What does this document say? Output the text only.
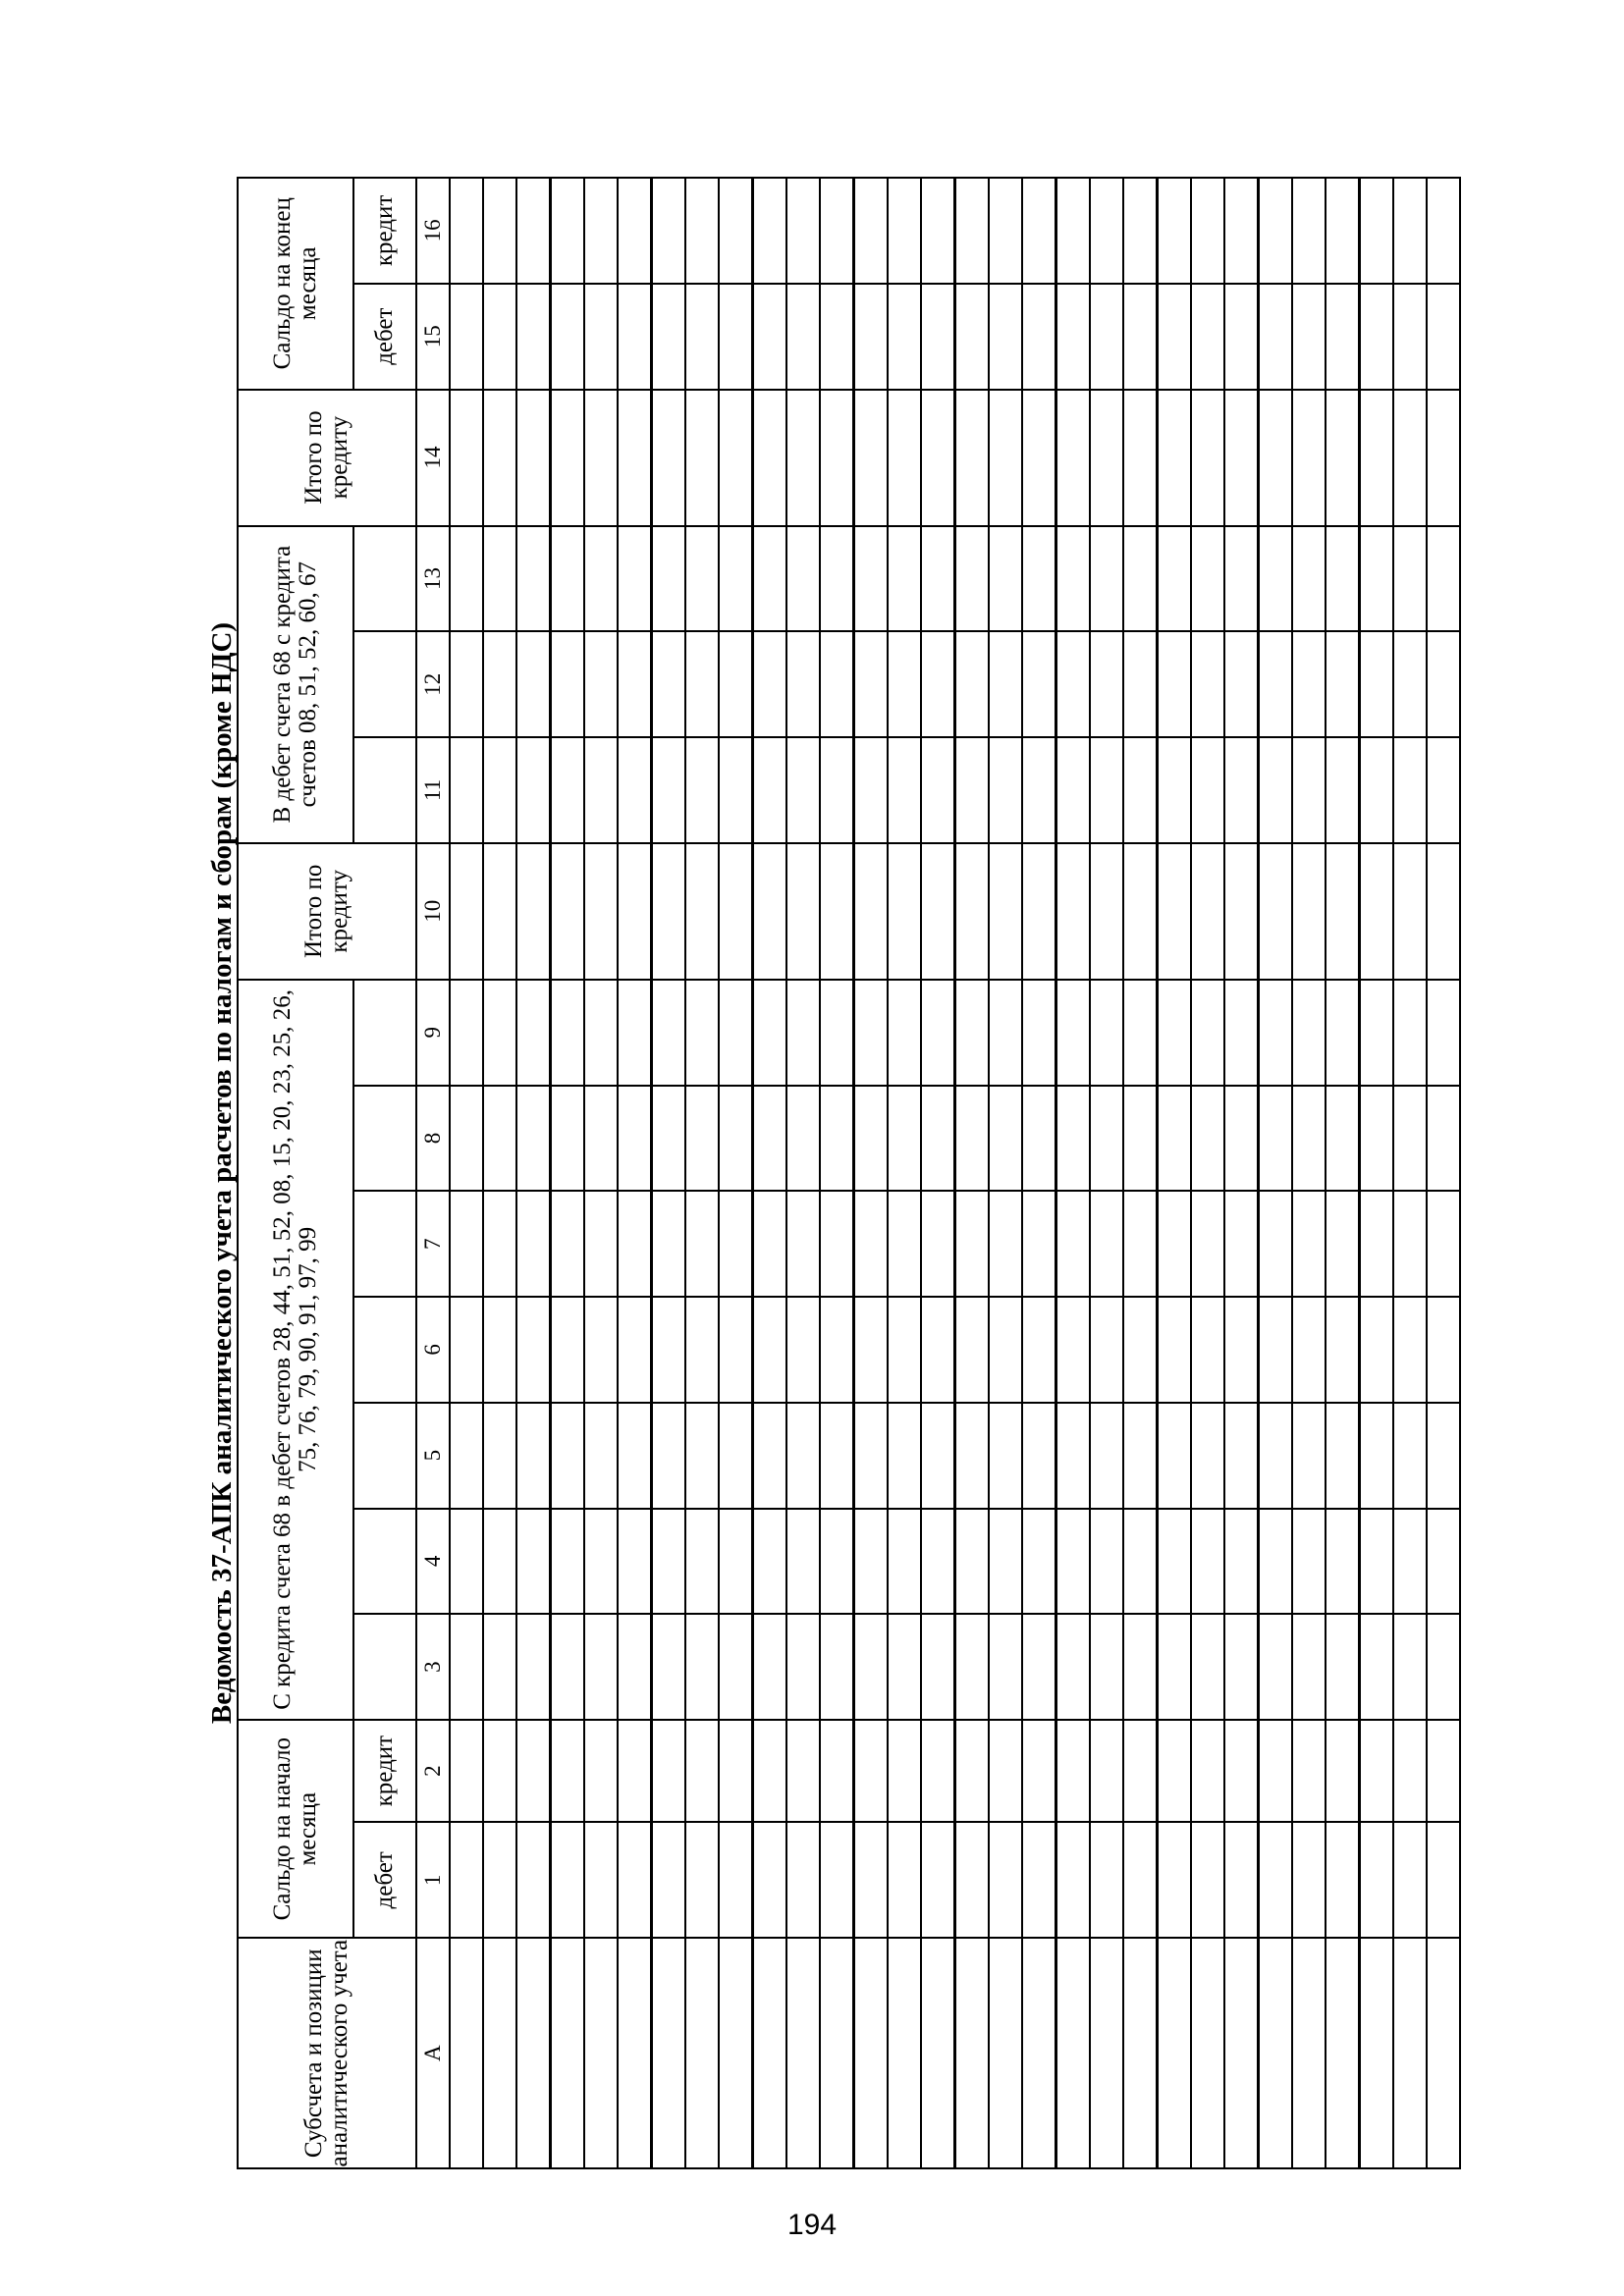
Ведомость 37-АПК аналитического учета расчетов по налогам и сборам (кроме НДС)
Субсчета и позиции аналитического учета	Сальдо на начало месяца		С кредита счета 68 в дебет счетов 28, 44, 51, 52, 08, 15, 20, 23, 25, 26, 75, 76, 79, 90, 91, 97, 99							Итого по кредиту	В дебет счета 68 с кредита счетов 08, 51, 52, 60, 67			Итого по кредиту	Сальдо на конец месяца	
	дебет	кредит													дебет	кредит
А	1	2	3	4	5	6	7	8	9	10	11	12	13	14	15	16

194
